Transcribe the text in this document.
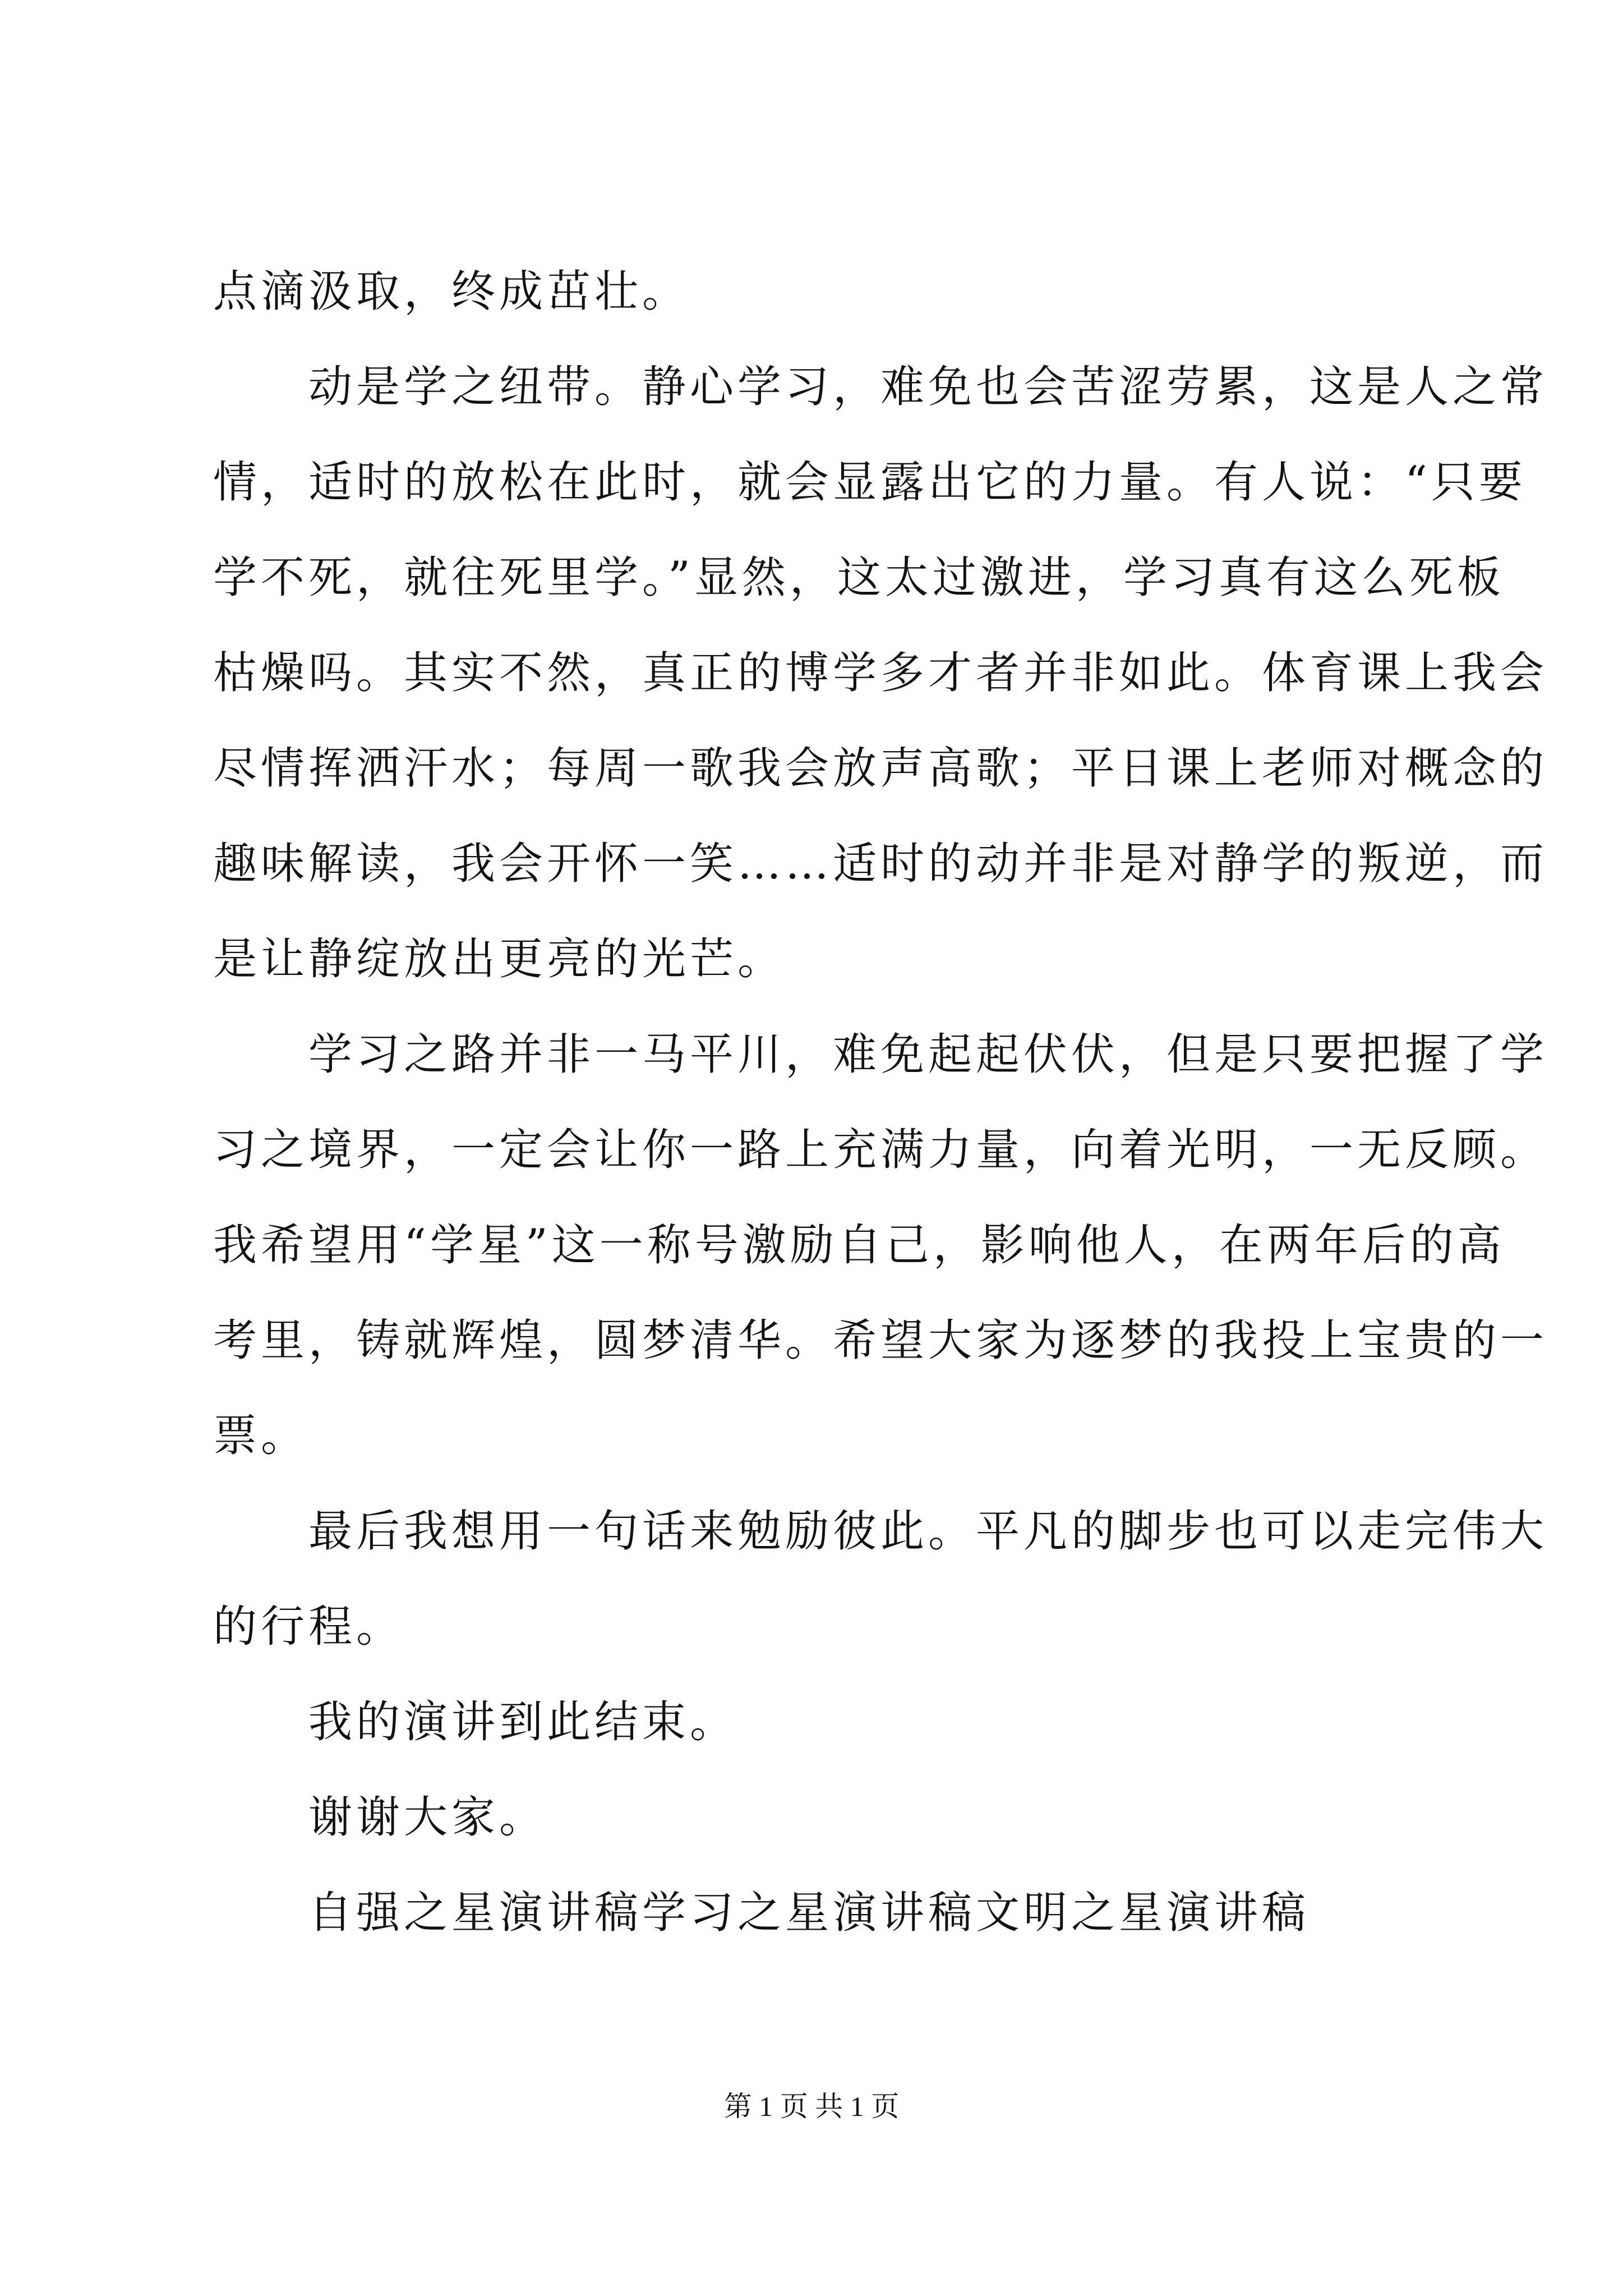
点滴汲取，终成茁壮。
动是学之纽带。静心学习，难免也会苦涩劳累，这是人之常
情，适时的放松在此时，就会显露出它的力量。有人说：“只要
学不死，就往死里学。”显然，这太过激进，学习真有这么死板
枯燥吗。其实不然，真正的博学多才者并非如此。体育课上我会
尽情挥洒汗水；每周一歌我会放声高歌；平日课上老师对概念的
趣味解读，我会开怀一笑……适时的动并非是对静学的叛逆，而
是让静绽放出更亮的光芒。
学习之路并非一马平川，难免起起伏伏，但是只要把握了学
习之境界，一定会让你一路上充满力量，向着光明，一无反顾。
我希望用“学星”这一称号激励自己，影响他人，在两年后的高
考里，铸就辉煌，圆梦清华。希望大家为逐梦的我投上宝贵的一
票。
最后我想用一句话来勉励彼此。平凡的脚步也可以走完伟大
的行程。
我的演讲到此结束。
谢谢大家。
自强之星演讲稿学习之星演讲稿文明之星演讲稿
第 1 页 共 1 页
